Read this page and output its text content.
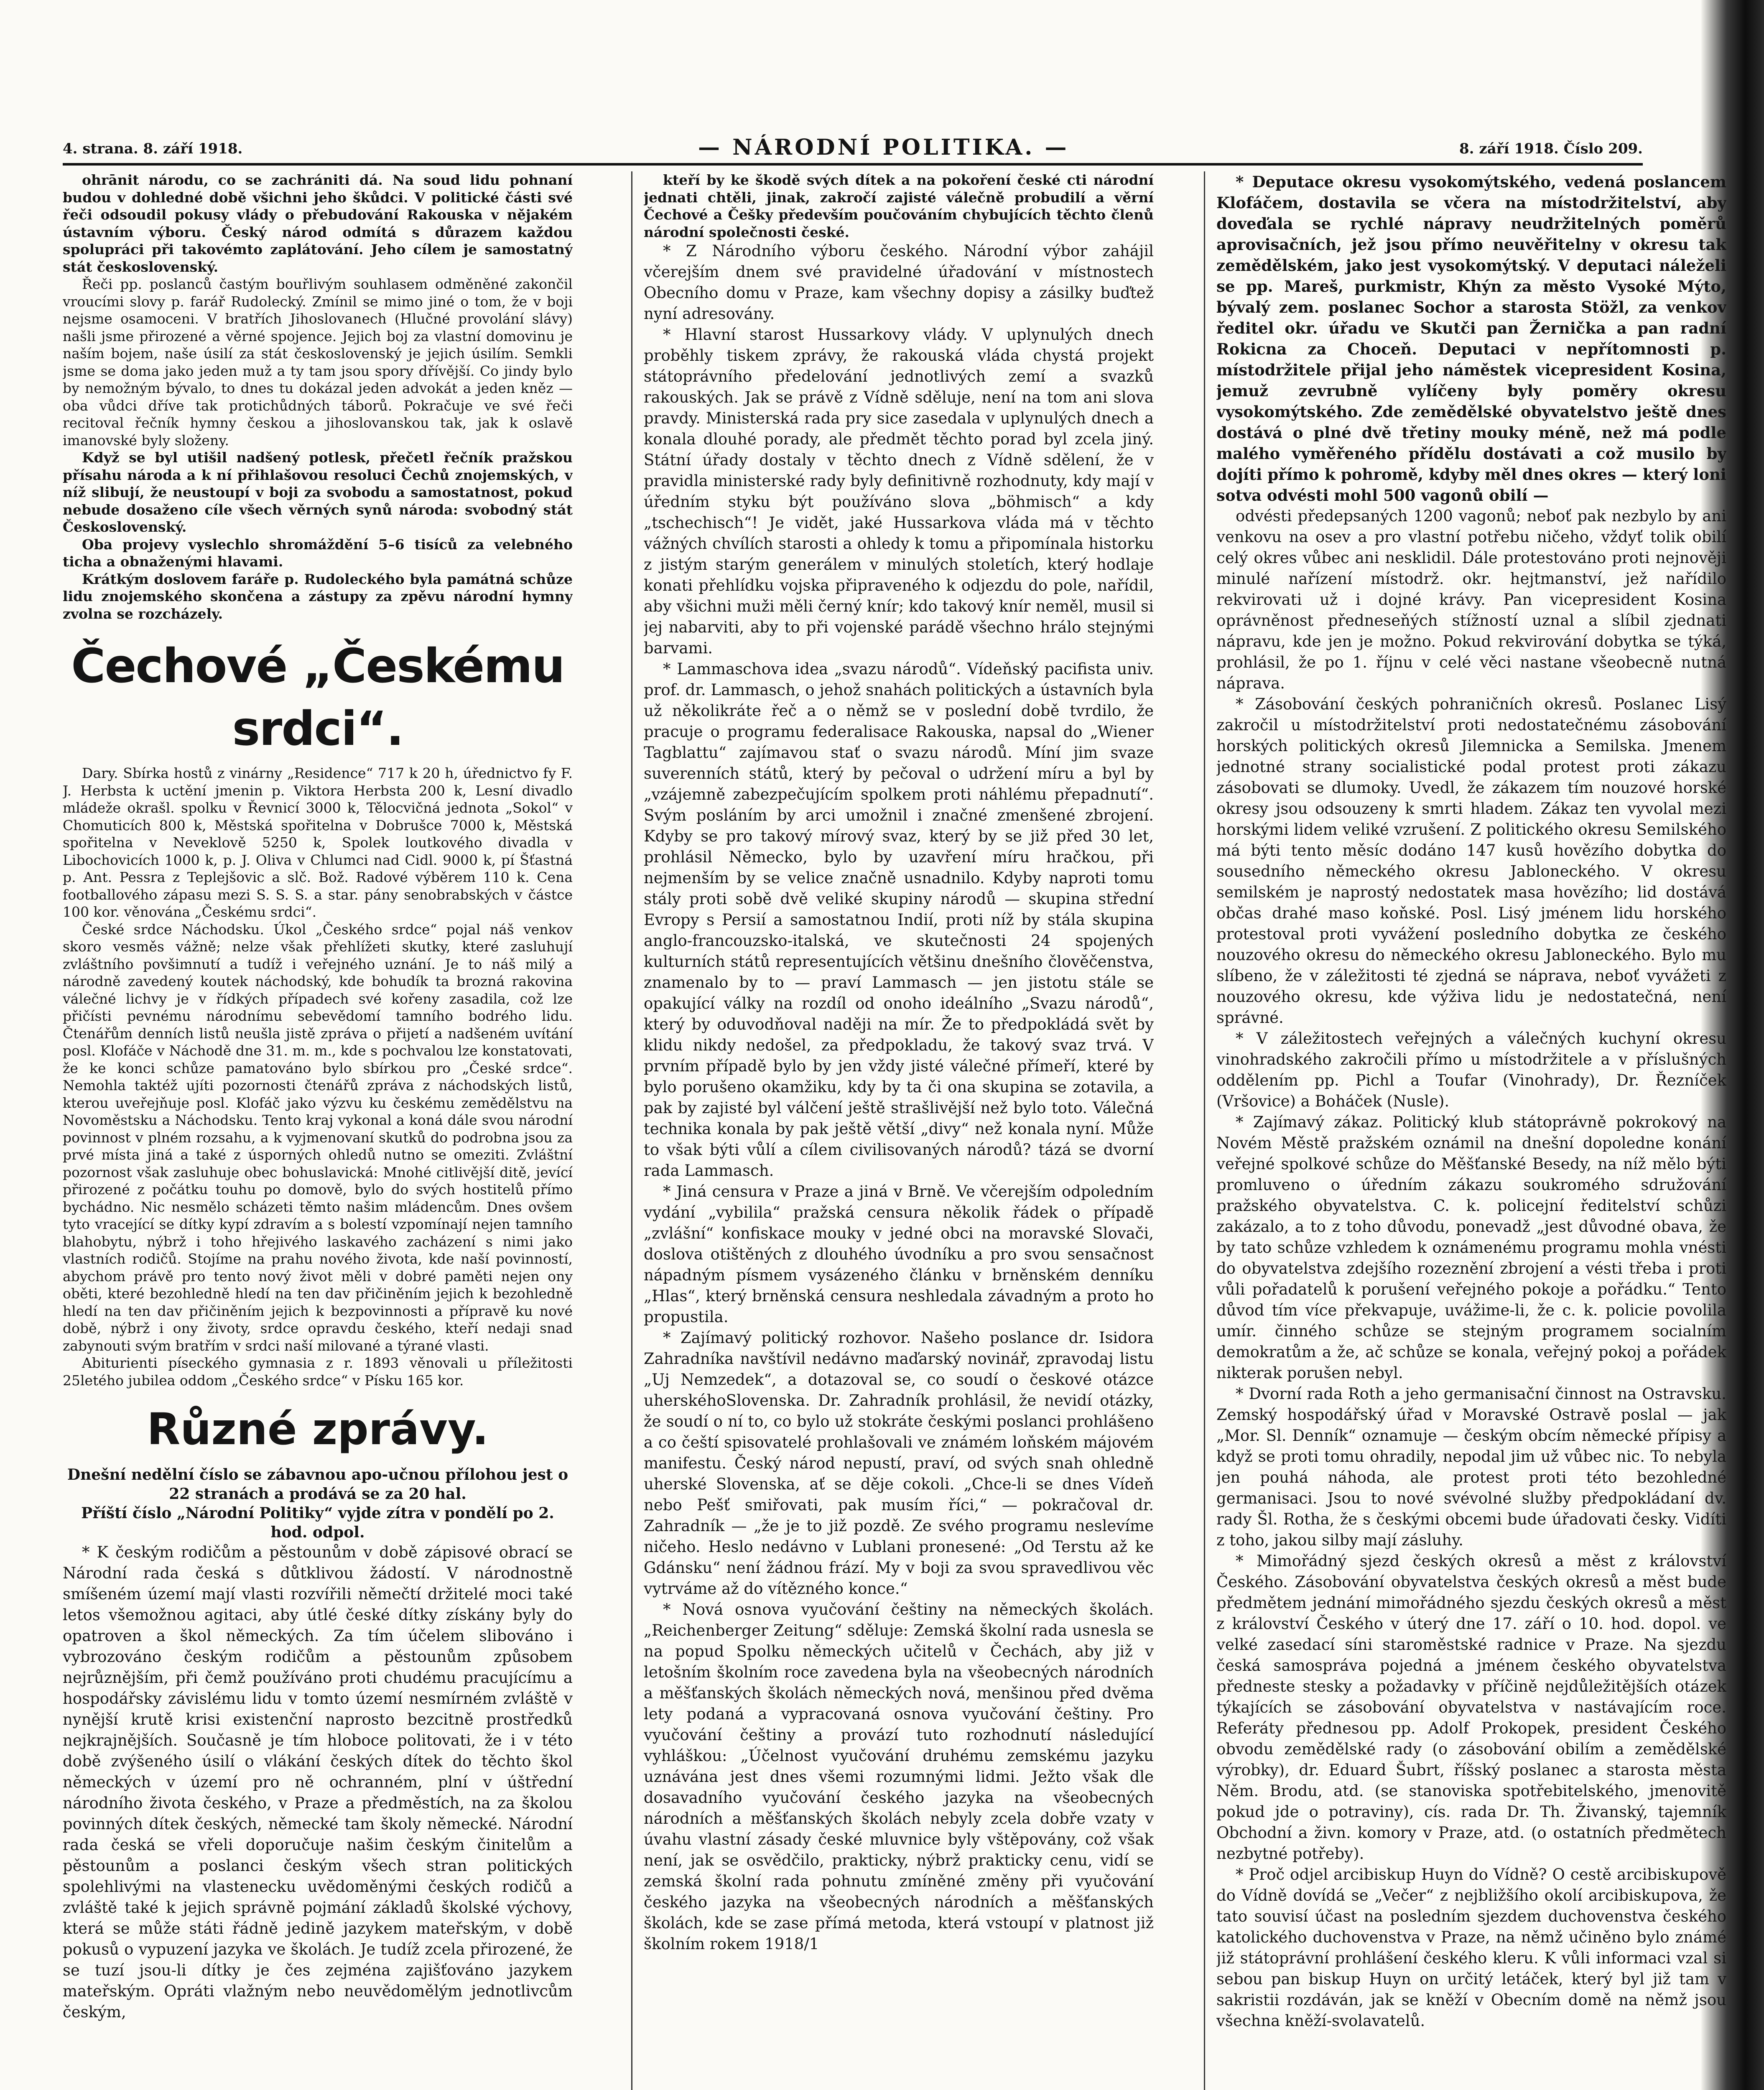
4. strana. 8. září 1918.	— NÁRODNÍ POLITIKA. —	8. září 1918. Číslo 209.

ohrānit národu, co se zachrániti dá. Na soud lidu pohnaní budou v dohledné době všichni jeho škůdci. V politické části své řeči odsoudil pokusy vlády o přebudování Rakouska v nějakém ústavním výboru. Český národ odmítá s důrazem každou spolupráci při takovémto zaplátování. Jeho cílem je samostatný stát československý.

Řeči pp. poslanců častým bouřlivým souhlasem odměněné zakončil vroucími slovy p. farář Rudolecký. Zmínil se mimo jiné o tom, že v boji nejsme osamoceni. V bratřích Jihoslovanech (Hlučné provolání slávy) našli jsme přirozené a věrné spojence. Jejich boj za vlastní domovinu je naším bojem, naše úsilí za stát československý je jejich úsilím. Semkli jsme se doma jako jeden muž a ty tam jsou spory dřívější. Co jindy bylo by nemožným bývalo, to dnes tu dokázal jeden advokát a jeden kněz — oba vůdci dříve tak protichůdných táborů. Pokračuje ve své řeči recitoval řečník hymny českou a jihoslovanskou tak, jak k oslavě imanovské byly složeny.

Když se byl utišil nadšený potlesk, přečetl řečník pražskou přísahu národa a k ní přihlašovou resoluci Čechů znojemských, v níž slibují, že neustoupí v boji za svobodu a samostatnost, pokud nebude dosaženo cíle všech věrných synů národa: svobodný stát Československý.

Oba projevy vyslechlo shromáždění 5–6 tisíců za velebného ticha a obnaženými hlavami.

Krátkým doslovem faráře p. Rudoleckého byla památná schůze lidu znojemského skončena a zástupy za zpěvu národní hymny zvolna se rozcházely.

Čechové „Českému srdci“.

Dary. Sbírka hostů z vinárny „Residence“ 717 k 20 h, úřednictvo fy F. J. Herbsta k uctění jmenin p. Viktora Herbsta 200 k, Lesní divadlo mládeže okrašl. spolku v Řevnicí 3000 k, Tělocvičná jednota „Sokol“ v Chomuticích 800 k, Městská spořitelna v Dobrušce 7000 k, Městská spořitelna v Neveklově 5250 k, Spolek loutkového divadla v Libochovicích 1000 k, p. J. Oliva v Chlumci nad Cidl. 9000 k, pí Šťastná p. Ant. Pessra z Teplejšovic a slč. Bož. Radové výběrem 110 k. Cena footballového zápasu mezi S. S. S. a star. pány senobrabských v částce 100 kor. věnována „Českému srdci“.

České srdce Náchodsku. Úkol „Českého srdce“ pojal náš venkov skoro vesměs vážně; nelze však přehlížeti skutky, které zasluhují zvláštního povšimnutí a tudíž i veřejného uznání. Je to náš milý a národně zavedený koutek náchodský, kde bohudík ta brozná rakovina válečné lichvy je v řídkých případech své kořeny zasadila, což lze přičísti pevnému národnímu sebevědomí tamního bodrého lidu. Čtenářům denních listů neušla jistě zpráva o přijetí a nadšeném uvítání posl. Klofáče v Náchodě dne 31. m. m., kde s pochvalou lze konstatovati, že ke konci schůze pamatováno bylo sbírkou pro „České srdce“. Nemohla taktéž ujíti pozornosti čtenářů zpráva z náchodských listů, kterou uveřejňuje posl. Klofáč jako výzvu ku českému zemědělstvu na Novoměstsku a Náchodsku. Tento kraj vykonal a koná dále svou národní povinnost v plném rozsahu, a k vyjmenovaní skutků do podrobna jsou za prvé místa jiná a také z úsporných ohledů nutno se omeziti. Zvláštní pozornost však zasluhuje obec bohuslavická: Mnohé citlivější ditě, jevící přirozené z počátku touhu po domově, bylo do svých hostitelů přímo bychádno. Nic nesmělo scházeti těmto našim mládencům. Dnes ovšem tyto vracející se dítky kypí zdravím a s bolestí vzpomínají nejen tamního blahobytu, nýbrž i toho hřejivého laskavého zacházení s nimi jako vlastních rodičů. Stojíme na prahu nového života, kde naší povinností, abychom právě pro tento nový život měli v dobré paměti nejen ony oběti, které bezohledně hledí na ten dav přičiněním jejich k bezohledně hledí na ten dav přičiněním jejich k bezpovinnosti a přípravě ku nové době, nýbrž i ony životy, srdce opravdu českého, kteří nedaji snad zabynouti svým bratřím v srdci naší milované a týrané vlasti.

Abiturienti píseckého gymnasia z r. 1893 věnovali u příležitosti 25letého jubilea oddom „Českého srdce“ v Písku 165 kor.

Různé zprávy.

Dnešní nedělní číslo se zábavnou apo-učnou přílohou jest o 22 stranách a prodává se za 20 hal.

Příští číslo „Národní Politiky“ vyjde zítra v pondělí po 2. hod. odpol.

* K českým rodičům a pěstounům v době zápisové obrací se Národní rada česká s důtklivou žádostí. V národnostně smíšeném území mají vlasti rozvířili němečtí držitelé moci také letos všemožnou agitaci, aby útlé české dítky získány byly do opatroven a škol německých. Za tím účelem slibováno i vybrozováno českým rodičům a pěstounům způsobem nejrůznějším, při čemž používáno proti chudému pracujícímu a hospodářsky závislému lidu v tomto území nesmírném zvláště v nynější krutě krisi existenční naprosto bezcitně prostředků nejkrajnějších. Současně je tím hloboce politovati, že i v této době zvýšeného úsilí o vlákání českých dítek do těchto škol německých v území pro ně ochranném, plní v úštřední národního života českého, v Praze a předměstích, na za školou povinných dítek českých, německé tam školy německé. Národní rada česká se vřeli doporučuje našim českým činitelům a pěstounům a poslanci českým všech stran politických spolehlivými na vlastenecku uvědoměnými českých rodičů a zvláště také k jejich správně pojmání základů školské výchovy, která se může státi řádně jedině jazykem mateřským, v době pokusů o vypuzení jazyka ve školách. Je tudíž zcela přirozené, že se tuzí jsou-li dítky je čes zejména zajišťováno jazykem mateřským. Opráti vlažným nebo neuvědomělým jednotlivcům českým,

kteří by ke škodě svých dítek a na pokoření české cti národní jednati chtěli, jinak, zakročí zajisté válečně probudilí a věrní Čechové a Češky především poučováním chybujících těchto členů národní společnosti české.

* Z Národního výboru českého. Národní výbor zahájil včerejším dnem své pravidelné úřadování v místnostech Obecního domu v Praze, kam všechny dopisy a zásilky buďtež nyní adresovány.

* Hlavní starost Hussarkovy vlády. V uplynulých dnech proběhly tiskem zprávy, že rakouská vláda chystá projekt státoprávního předelování jednotlivých zemí a svazků rakouských. Jak se právě z Vídně sděluje, není na tom ani slova pravdy. Ministerská rada pry sice zasedala v uplynulých dnech a konala dlouhé porady, ale předmět těchto porad byl zcela jiný. Státní úřady dostaly v těchto dnech z Vídně sdělení, že v pravidla ministerské rady byly definitivně rozhodnuty, kdy mají v úředním styku být používáno slova „böhmisch“ a kdy „tschechisch“! Je vidět, jaké Hussarkova vláda má v těchto vážných chvílích starosti a ohledy k tomu a připomínala historku z jistým starým generálem v minulých stoletích, který hodlaje konati přehlídku vojska připraveného k odjezdu do pole, nařídil, aby všichni muži měli černý knír; kdo takový knír neměl, musil si jej nabarviti, aby to při vojenské parádě všechno hrálo stejnými barvami.

* Lammaschova idea „svazu národů“. Vídeňský pacifista univ. prof. dr. Lammasch, o jehož snahách politických a ústavních byla už několikráte řeč a o němž se v poslední době tvrdilo, že pracuje o programu federalisace Rakouska, napsal do „Wiener Tagblattu“ zajímavou stať o svazu národů. Míní jim svaze suverenních států, který by pečoval o udržení míru a byl by „vzájemně zabezpečujícím spolkem proti náhlému přepadnutí“. Svým posláním by arci umožnil i značné zmenšené zbrojení. Kdyby se pro takový mírový svaz, který by se již před 30 let, prohlásil Německo, bylo by uzavření míru hračkou, při nejmenším by se velice značně usnadnilo. Kdyby naproti tomu stály proti sobě dvě veliké skupiny národů — skupina střední Evropy s Persií a samostatnou Indií, proti níž by stála skupina anglo-francouzsko-italská, ve skutečnosti 24 spojených kulturních států representujících většinu dnešního člověčenstva, znamenalo by to — praví Lammasch — jen jistotu stále se opakující války na rozdíl od onoho ideálního „Svazu národů“, který by oduvodňoval naději na mír. Že to předpokládá svět by klidu nikdy nedošel, za předpokladu, že takový svaz trvá. V prvním případě bylo by jen vždy jisté válečné přímeří, které by bylo porušeno okamžiku, kdy by ta či ona skupina se zotavila, a pak by zajisté byl válčení ještě strašlivější než bylo toto. Válečná technika konala by pak ještě větší „divy“ než konala nyní. Může to však býti vůlí a cílem civilisovaných národů? tázá se dvorní rada Lammasch.

* Jiná censura v Praze a jiná v Brně. Ve včerejším odpoledním vydání „vybilila“ pražská censura několik řádek o případě „zvlášní“ konfiskace mouky v jedné obci na moravské Slovači, doslova otištěných z dlouhého úvodníku a pro svou sensačnost nápadným písmem vysázeného článku v brněnském denníku „Hlas“, který brněnská censura neshledala závadným a proto ho propustila.

* Zajímavý politický rozhovor. Našeho poslance dr. Isidora Zahradníka navštívil nedávno maďarský novinář, zpravodaj listu „Uj Nemzedek“, a dotazoval se, co soudí o českové otázce uherskéhoSlovenska. Dr. Zahradník prohlásil, že nevidí otázky, že soudí o ní to, co bylo už stokráte českými poslanci prohlášeno a co čeští spisovatelé prohlašovali ve známém loňském májovém manifestu. Český národ nepustí, praví, od svých snah ohledně uherské Slovenska, ať se děje cokoli. „Chce-li se dnes Vídeň nebo Pešť smiřovati, pak musím říci,“ — pokračoval dr. Zahradník — „že je to již pozdě. Ze svého programu neslevíme ničeho. Heslo nedávno v Lublani pronesené: „Od Terstu až ke Gdánsku“ není žádnou frází. My v boji za svou spravedlivou věc vytrváme až do vítězného konce.“

* Nová osnova vyučování češtiny na německých školách. „Reichenberger Zeitung“ sděluje: Zemská školní rada usnesla se na popud Spolku německých učitelů v Čechách, aby již v letošním školním roce zavedena byla na všeobecných národních a měšťanských školách německých nová, menšinou před dvěma lety podaná a vypracovaná osnova vyučování češtiny. Pro vyučování češtiny a provází tuto rozhodnutí následující vyhláškou: „Účelnost vyučování druhému zemskému jazyku uznávána jest dnes všemi rozumnými lidmi. Ježto však dle dosavadního vyučování českého jazyka na všeobecných národních a měšťanských školách nebyly zcela dobře vzaty v úvahu vlastní zásady české mluvnice byly vštěpovány, což však není, jak se osvědčilo, prakticky, nýbrž prakticky cenu, vidí se zemská školní rada pohnutu zmíněné změny při vyučování českého jazyka na všeobecných národních a měšťanských školách, kde se zase přímá metoda, která vstoupí v platnost již školním rokem 1918/1

* Deputace okresu vysokomýtského, vedená poslancem Klofáčem, dostavila se včera na místodržitelství, aby doveďala se rychlé nápravy neudržitelných poměrů aprovisačních, jež jsou přímo neuvěřitelny v okresu tak zemědělském, jako jest vysokomýtský. V deputaci náleželi se pp. Mareš, purkmistr, Khýn za město Vysoké Mýto, bývalý zem. poslanec Sochor a starosta Stöžl, za venkov ředitel okr. úřadu ve Skutči pan Žernička a pan radní Rokicna za Choceň. Deputaci v nepřítomnosti p. místodržitele přijal jeho náměstek vicepresident Kosina, jemuž zevrubně vylíčeny byly poměry okresu vysokomýtského. Zde zemědělské obyvatelstvo ještě dnes dostává o plné dvě třetiny mouky méně, než má podle malého vyměřeného přídělu dostávati a což musilo by dojíti přímo k pohromě, kdyby měl dnes okres — který loni sotva odvésti mohl 500 vagonů obilí —

odvésti předepsaných 1200 vagonů; neboť pak nezbylo by ani venkovu na osev a pro vlastní potřebu ničeho, vždyť tolik obilí celý okres vůbec ani nesklidil. Dále protestováno proti nejnověji minulé nařízení místodrž. okr. hejtmanství, jež nařídilo rekvirovati už i dojné krávy. Pan vicepresident Kosina oprávněnost předneseňých stížností uznal a slíbil zjednati nápravu, kde jen je možno. Pokud rekvirování dobytka se týká, prohlásil, že po 1. říjnu v celé věci nastane všeobecně nutná náprava.

* Zásobování českých pohraničních okresů. Poslanec Lisý zakročil u místodržitelství proti nedostatečnému zásobování horských politických okresů Jilemnicka a Semilska. Jmenem jednotné strany socialistické podal protest proti zákazu zásobovati se dlumoky. Uvedl, že zákazem tím nouzové horské okresy jsou odsouzeny k smrti hladem. Zákaz ten vyvolal mezi horskými lidem veliké vzrušení. Z politického okresu Semilského má býti tento měsíc dodáno 147 kusů hovězího dobytka do sousedního německého okresu Jabloneckého. V okresu semilském je naprostý nedostatek masa hovězího; lid dostává občas drahé maso koňské. Posl. Lisý jménem lidu horského protestoval proti vyvážení posledního dobytka ze českého nouzového okresu do německého okresu Jabloneckého. Bylo mu slíbeno, že v záležitosti té zjedná se náprava, neboť vyvážeti z nouzového okresu, kde výživa lidu je nedostatečná, není správné.

* V záležitostech veřejných a válečných kuchyní okresu vinohradského zakročili přímo u místodržitele a v příslušných oddělením pp. Pichl a Toufar (Vinohrady), Dr. Řezníček (Vršovice) a Boháček (Nusle).

* Zajímavý zákaz. Politický klub státoprávně pokrokový na Novém Městě pražském oznámil na dnešní dopoledne konání veřejné spolkové schůze do Měšťanské Besedy, na níž mělo býti promluveno o úředním zákazu soukromého sdružování pražského obyvatelstva. C. k. policejní ředitelství schůzi zakázalo, a to z toho důvodu, ponevadž „jest důvodné obava, že by tato schůze vzhledem k oznámenému programu mohla vnésti do obyvatelstva zdejšího rozeznění zbrojení a vésti třeba i proti vůli pořadatelů k porušení veřejného pokoje a pořádku.“ Tento důvod tím více překvapuje, uvážime-li, že c. k. policie povolila umír. činného schůze se stejným programem socialním demokratům a že, ač schůze se konala, veřejný pokoj a pořádek nikterak porušen nebyl.

* Dvorní rada Roth a jeho germanisační činnost na Ostravsku. Zemský hospodářský úřad v Moravské Ostravě poslal — jak „Mor. Sl. Denník“ oznamuje — českým obcím německé přípisy a když se proti tomu ohradily, nepodal jim už vůbec nic. To nebyla jen pouhá náhoda, ale protest proti této bezohledné germanisaci. Jsou to nové svévolné služby předpokládaní dv. rady Šl. Rotha, že s českými obcemi bude úřadovati česky. Vidíti z toho, jakou silby mají zásluhy.

* Mimořádný sjezd českých okresů a měst z království Českého. Zásobování obyvatelstva českých okresů a měst bude předmětem jednání mimořádného sjezdu českých okresů a měst z království Českého v úterý dne 17. září o 10. hod. dopol. ve velké zasedací síni staroměstské radnice v Praze. Na sjezdu česká samospráva pojedná a jménem českého obyvatelstva předneste stesky a požadavky v příčině nejdůležitějších otázek týkajících se zásobování obyvatelstva v nastávajícím roce. Referáty přednesou pp. Adolf Prokopek, president Českého obvodu zemědělské rady (o zásobování obilím a zemědělské výrobky), dr. Eduard Šubrt, říšský poslanec a starosta města Něm. Brodu, atd. (se stanoviska spotřebitelského, jmenovitě pokud jde o potraviny), cís. rada Dr. Th. Živanský, tajemník Obchodní a živn. komory v Praze, atd. (o ostatních předmětech nezbytné potřeby).

* Proč odjel arcibiskup Huyn do Vídně? O cestě arcibiskupově do Vídně dovídá se „Večer“ z nejbližšího okolí arcibiskupova, že tato souvisí účast na posledním sjezdem duchovenstva českého katolického duchovenstva v Praze, na němž učiněno bylo známé již státoprávní prohlášení českého kleru. K vůli informaci vzal si sebou pan biskup Huyn on určitý letáček, který byl již tam v sakristii rozdáván, jak se kněží v Obecním domě na němž jsou všechna kněží-svolavatelů.
